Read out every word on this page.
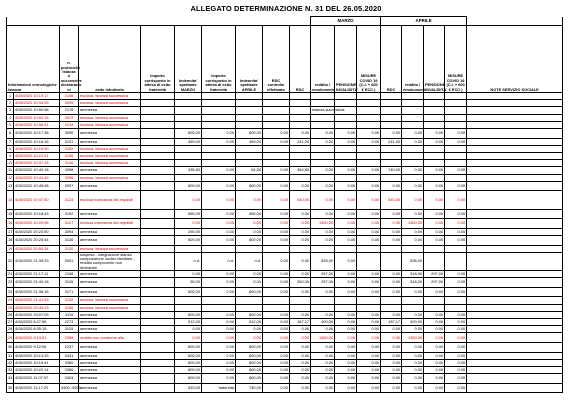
ALLEGATO DETERMINAZIONE N. 31 DEL 26.05.2020
										MARZO			APRILE					
Informazioni cronologiche istanza		n. protocollo istanza o successive dichiarazio ni	esito istruttoria	Importo corrisposto in attesa di esito fraternità	Indennita' spettante MARZO	Importo corrisposto in attesa di esito fraternità	Indennita' spettante APRILE	RDC controllo effettuato	RDC	reddito / emolumenti	PENSIONE INVALIDITA'	MISURE COVID 19 (C.I. + 600 € ECC.)	RDC	reddito / emolumenti	PENSIONE INVALIDITA'	MISURE COVID 19 (C.I. + 600 € ECC.)	NOTE SERVIZIO SOCIALE	
1	4/28/2020 10:19:17	2158	esclusa. Istanza successiva															
2	4/28/2020 10:34:53	3099	esclusa. Istanza successiva															
3	4/28/2020 10:50:58	2176	ammessa							istanza successiva								
4	4/28/2020 10:52:18	3472	esclusa. Istanza successiva															
5	4/28/2020 10:56:41	3134	esclusa. Istanza successiva															
6	4/28/2020 10:17:36	3090	ammessa		800,00	0.00	800,00	0.00	0.00	0.00	0.00	0.00	0.00	0.00	0.00	0.00		
7	4/28/2020 10:16:16	3131	ammessa		459,00	0.00	459,00	0.00	241,00	0.00	0.00	0.00	241,00	0.00	0.00	0.00		
8	4/28/2020 10:19:30	3152	esclusa. Istanza successiva															
9	4/28/2020 10:22:21	2106	esclusa. Istanza successiva															
10	4/28/2020 10:37:18	3140	esclusa. Istanza successiva															
11	4/28/2020 10:40:18	3098	ammessa		435,50	0.00	64,50	0.00	364,50	0.00	0.00	0.00	740,00	0.00	0.00	0.00		
12	4/28/2020 10:41:49	3096	esclusa. Istanza successiva															
13	4/28/2020 10:45:58	3097	ammessa		800,00	0.00	800,00	0.00	0.00	0.00	0.00	0.00	0.00	0.00	0.00	0.00		
14	4/28/2020 10:47:50	3124	esclusa mancanza dei requisiti		0.00	0.00	0.00	0.00	540,00	0.00	0.00	0.00	540,00	0.00	0.00	0.00		
15	4/28/2020 10:18:43	3192	ammessa		655,00	0.00	655,00	0.00	0.00	0.00	0.00	0.00	0.00	0.00	0.00	0.00		
16	4/28/2020 10:20:06	3127	esclusa mancanza dei requisiti		0.00	0.00	0.00	0.00	0.00	1300,00	0.00	0.00	0.00	1300,00	0.00	0.00		
17	4/28/2020 20:23:50	3094	ammessa		290,00	0.00	0.00	0.00	0.00	0.00	0.00	0.00	0.00	0.00	0.00	0.00		
18	4/28/2020 20:25:44	3126	ammessa		800,00	0.00	800,00	0.00	0.00	0.00	0.00	0.00	0.00	0.00	0.00	0.00		
19	4/28/2020 20:50:34	3120	esclusa. Istanza successiva															
20	4/28/2020 21:39:29	3091	sospesa - integrazione stanza composizione nucleo familiare - reddito componente non dichiarato		n.d.	n.d.	n.d.	0.00	0.00	535,00	0.00			535,00				
21	4/28/2020 21:17:11	2158	ammessa		0.00	0.00	0.00	0.00	0.00	297,00	0.00	0.00	0.00	318,00	297,00	0.00		
22	4/28/2020 21:40:18	3126	ammessa		55,00	0.00	0.00	0.00	260,00	297,00	0.00	0.00	0.00	318,00	297,00	0.00		
23	4/28/2020 21:38:16	3171	ammessa		800,00	0.00	800,00	0.00	0.00	0.00	0.00	0.00	0.00	0.00	0.00	0.00		
24	4/28/2020 21:41:53	3132	esclusa. Istanza successiva															
25	4/28/2020 22:49:23	3106	esclusa. Istanza successiva															
26	4/28/2020 23:07:09	3115	ammessa		800,00	0.00	800,00	0.00	0.00	0.00	0.00	0.00	0.00	0.00	0.00	0.00		
27	4/28/2020 8:27:58	2273	ammessa		512,00	0.00	512,00	0.00	187,17	400,00	0.00	0.00	187,17	400,00	0.00	0.00		
28	4/28/2020 8:35:15	3125	ammessa		0.00	0.00	0.00	0.00	0.00	0.00	0.00	0.00	0.00	0.00	0.00	0.00		
29	4/28/2020 9:13:01	2085	reddito non conforme alla		0.00	0.00	0.00	0.00	0.00	1300,00	0.00	0.00	0.00	1300,00	0.00	0.00		
30	4/28/2020 9:12:06	2237	ammessa		800,00	0.00	800,00	0.00	0.00	0.00	0.00	0.00	0.00	0.00	0.00	0.00		
31	4/28/2020 10:13:33	3431	ammessa		800,00	0.00	800,00	0.00	0.00	0.00	0.00	0.00	0.00	0.00	0.00	0.00		
32	4/28/2020 10:19:41	3360	ammessa		800,00	0.00	800,00	0.00	0.00	0.00	0.00	0.00	0.00	0.00	0.00	0.00		
33	4/28/2020 10:22:14	3380	ammessa		800,00	0.00	800,00	0.00	0.00	0.00	0.00	0.00	0.00	0.00	0.00	0.00		
34	4/28/2020 11:07:37	3424	ammessa		800,00	0.00	800,00	0.00	0.00	0.00	0.00	0.00	0.00	0.00	0.00	0.00		
35	4/28/2020 11:17:20	3400 -3904	ammessa		633,00	fraternità	730,00	0.00	0.00	0.00	0.00	0.00	0.00	0.00	0.00	0.00		
